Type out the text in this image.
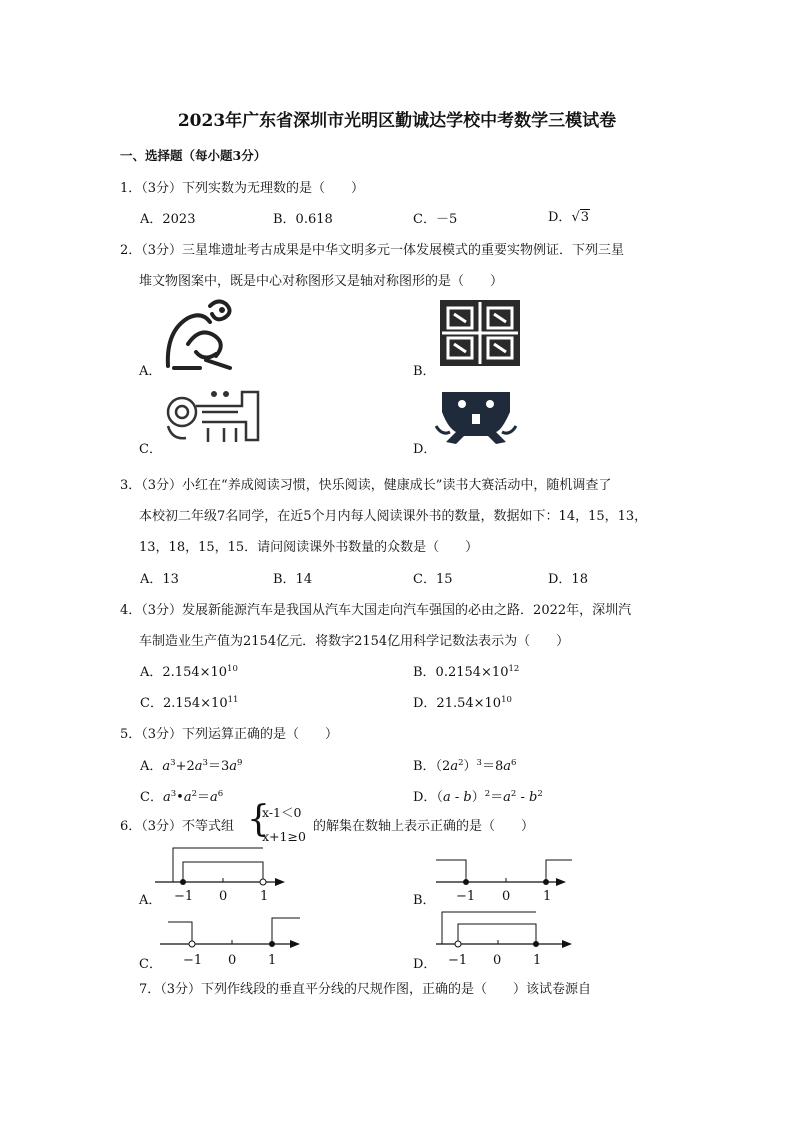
2023年广东省深圳市光明区勤诚达学校中考数学三模试卷
一、选择题（每小题3分）
1．（3分）下列实数为无理数的是（　　）
A．2023	B．0.618	C．－5	D．√3
2．（3分）三星堆遗址考古成果是中华文明多元一体发展模式的重要实物例证．下列三星
堆文物图案中，既是中心对称图形又是轴对称图形的是（　　）
A．	B．
C．	D．
3．（3分）小红在“养成阅读习惯，快乐阅读，健康成长”读书大赛活动中，随机调查了
本校初二年级7名同学，在近5个月内每人阅读课外书的数量，数据如下：14，15，13，
13，18，15，15．请问阅读课外书数量的众数是（　　）
A．13	B．14	C．15	D．18
4．（3分）发展新能源汽车是我国从汽车大国走向汽车强国的必由之路．2022年，深圳汽
车制造业生产值为2154亿元．将数字2154亿用科学记数法表示为（　　）
A．$2.154\times 10^{10}$	B．$0.2154\times 10^{12}$
C．$2.154\times 10^{11}$	D．$21.54\times 10^{10}$
5．（3分）下列运算正确的是（　　）
A．$a^3+2a^3=3a^9$	B．$(2a^2)^3=8a^6$
C．$a^3•a^2=a^6$	D．$(a - b)^2=a^2 - b^2$
6．（3分）不等式组 {
x-1＜0
x+1≥0
的解集在数轴上表示正确的是（　　）
A． −1 0	1	B． −1 0	1
C． −1 0 1	D． −1 0 1
7．（3分）下列作线段的垂直平分线的尺规作图，正确的是（　　）该试卷源自
